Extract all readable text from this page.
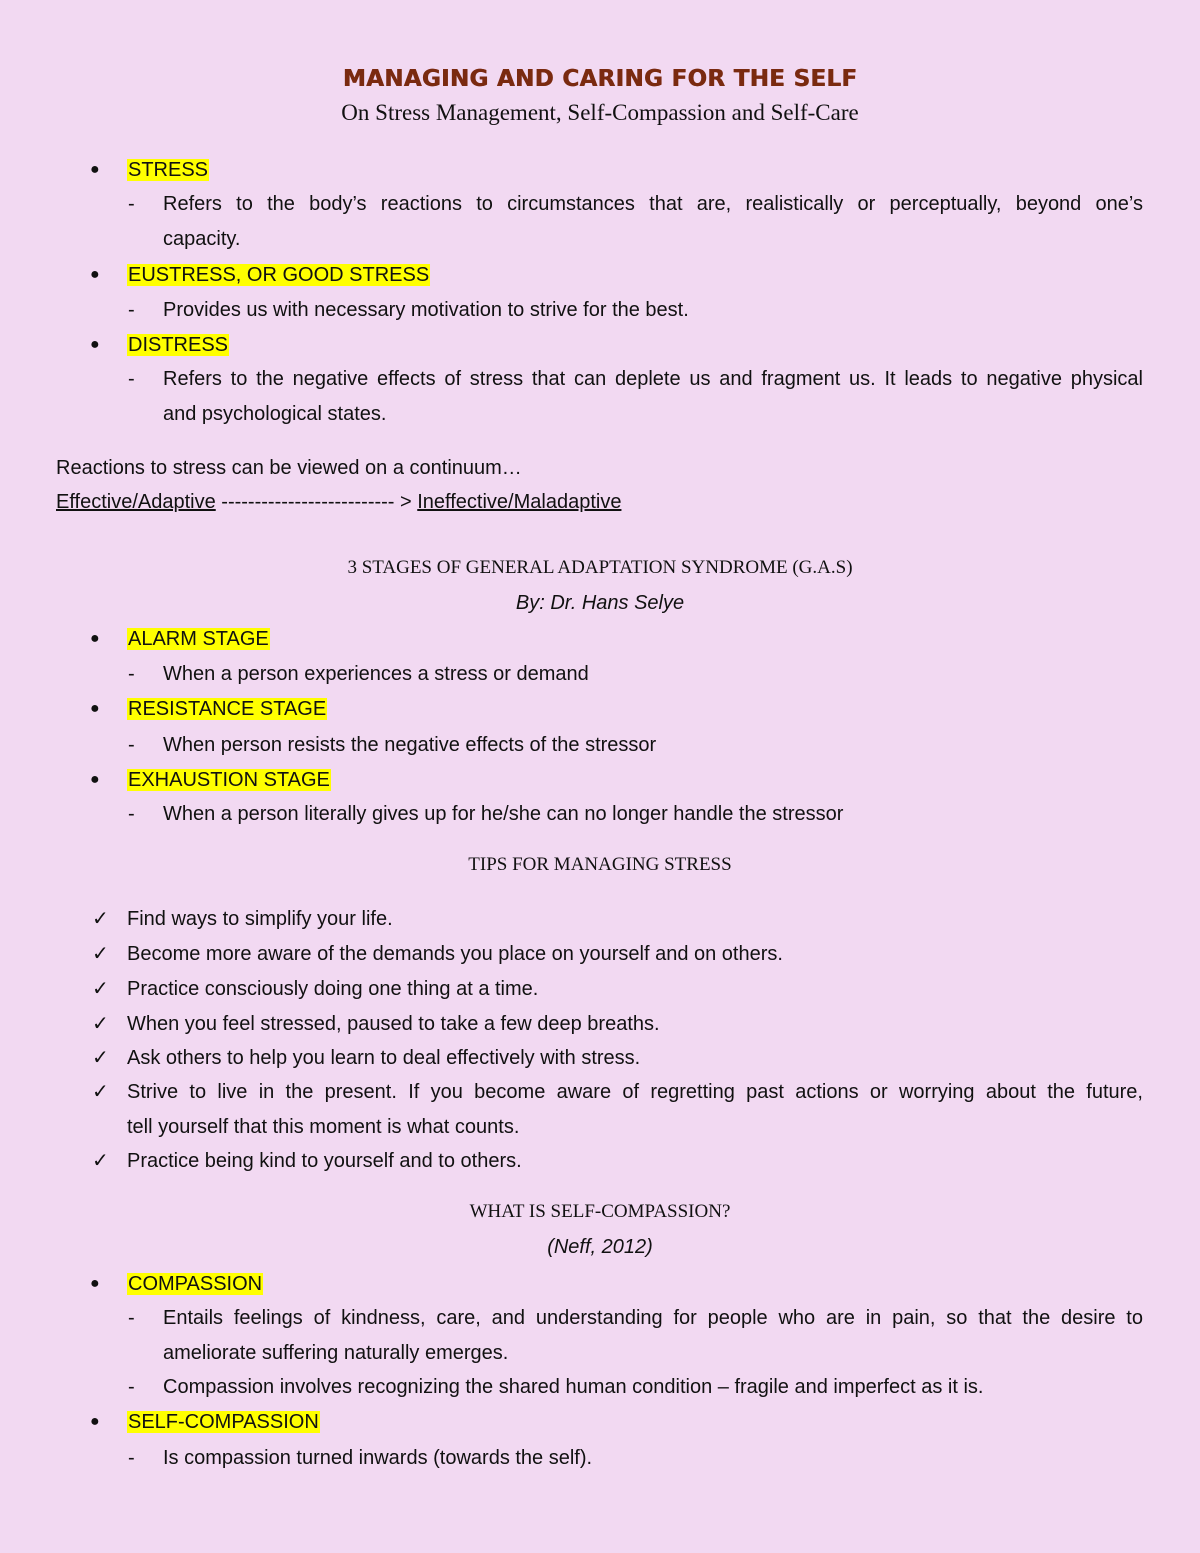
MANAGING AND CARING FOR THE SELF
On Stress Management, Self-Compassion and Self-Care
● STRESS
- Refers to the body’s reactions to circumstances that are, realistically or perceptually, beyond one’s
capacity.
● EUSTRESS, OR GOOD STRESS
- Provides us with necessary motivation to strive for the best.
● DISTRESS
- Refers to the negative effects of stress that can deplete us and fragment us. It leads to negative physical
and psychological states.
Reactions to stress can be viewed on a continuum…
Effective/Adaptive -------------------------- > Ineffective/Maladaptive
3 STAGES OF GENERAL ADAPTATION SYNDROME (G.A.S)
By: Dr. Hans Selye
● ALARM STAGE
- When a person experiences a stress or demand
● RESISTANCE STAGE
- When person resists the negative effects of the stressor
● EXHAUSTION STAGE
- When a person literally gives up for he/she can no longer handle the stressor
TIPS FOR MANAGING STRESS
✓ Find ways to simplify your life.
✓ Become more aware of the demands you place on yourself and on others.
✓ Practice consciously doing one thing at a time.
✓ When you feel stressed, paused to take a few deep breaths.
✓ Ask others to help you learn to deal effectively with stress.
✓ Strive to live in the present. If you become aware of regretting past actions or worrying about the future,
tell yourself that this moment is what counts.
✓ Practice being kind to yourself and to others.
WHAT IS SELF-COMPASSION?
(Neff, 2012)
● COMPASSION
- Entails feelings of kindness, care, and understanding for people who are in pain, so that the desire to
ameliorate suffering naturally emerges.
- Compassion involves recognizing the shared human condition – fragile and imperfect as it is.
● SELF-COMPASSION
- Is compassion turned inwards (towards the self).
